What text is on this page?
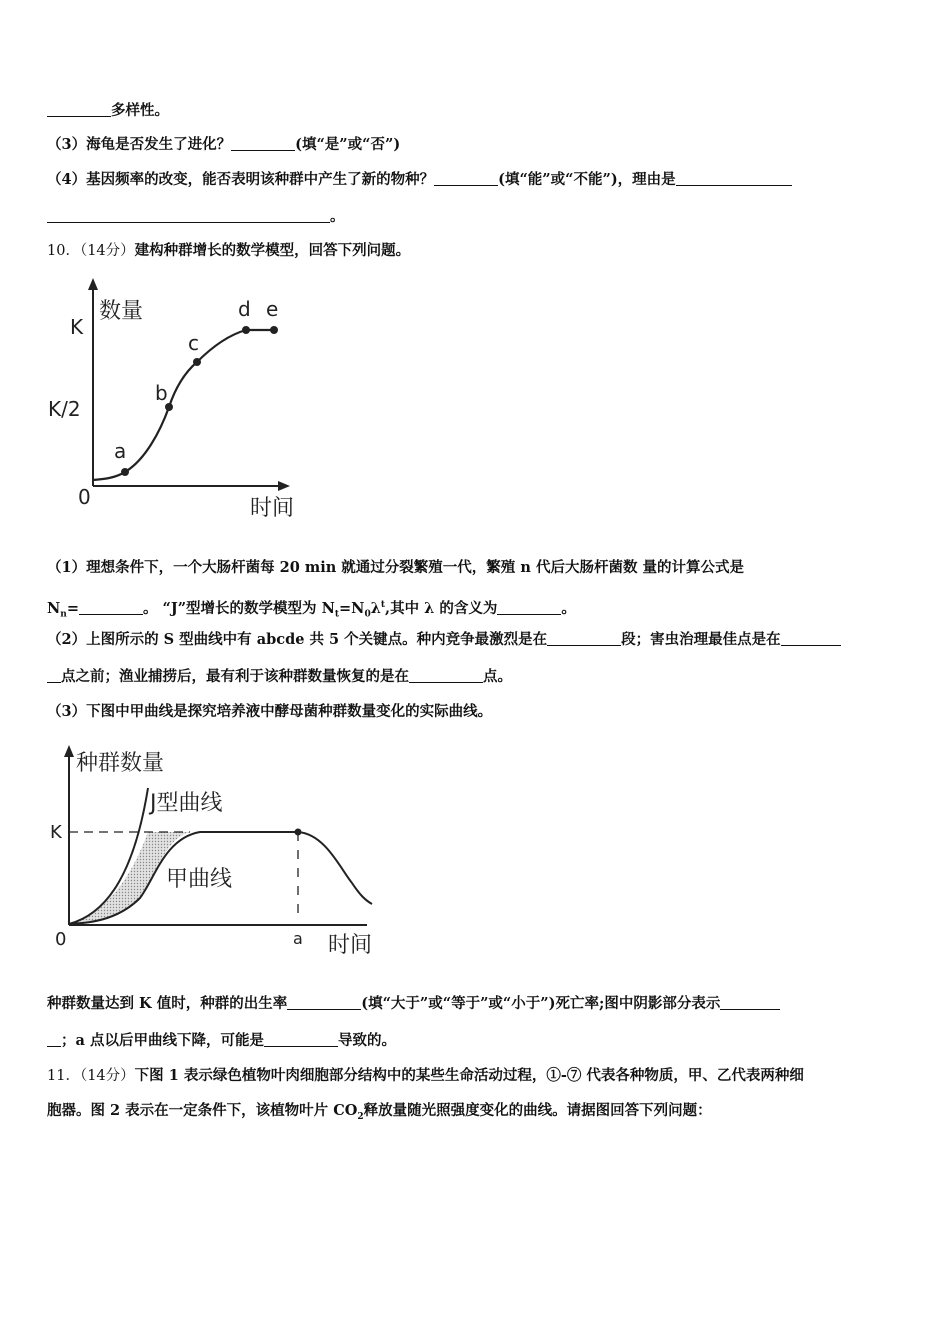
多样性。
（3）海龟是否发生了进化？	(填“是”或“否”)
（4）基因频率的改变，能否表明该种群中产生了新的物种？	(填“能”或“不能”)，理由是
。
10．（14分）建构种群增长的数学模型，回答下列问题。
数量
时间
0
K
K/2
a
b
c
d e
（1）理想条件下，一个大肠杆菌每 20 min 就通过分裂繁殖一代，繁殖 n 代后大肠杆菌数 量的计算公式是
$N_n=$	。 “J”型增长的数学模型为 $N_t=N_0\lambda^t$,其中 λ 的含义为	。
（2）上图所示的 S 型曲线中有 abcde 共 5 个关键点。种内竞争最激烈是在	段；害虫治理最佳点是在
点之前；渔业捕捞后，最有利于该种群数量恢复的是在	点。
（3）下图中甲曲线是探究培养液中酵母菌种群数量变化的实际曲线。
种群数量
时间
0
K
a
J型曲线
甲曲线
种群数量达到 K 值时，种群的出生率	(填“大于”或“等于”或“小于”)死亡率;图中阴影部分表示
；a 点以后甲曲线下降，可能是	导致的。
11．（14分）下图 1 表示绿色植物叶肉细胞部分结构中的某些生命活动过程，①-⑦ 代表各种物质，甲、乙代表两种细
胞器。图 2 表示在一定条件下，该植物叶片 $CO_2$释放量随光照强度变化的曲线。请据图回答下列问题：
